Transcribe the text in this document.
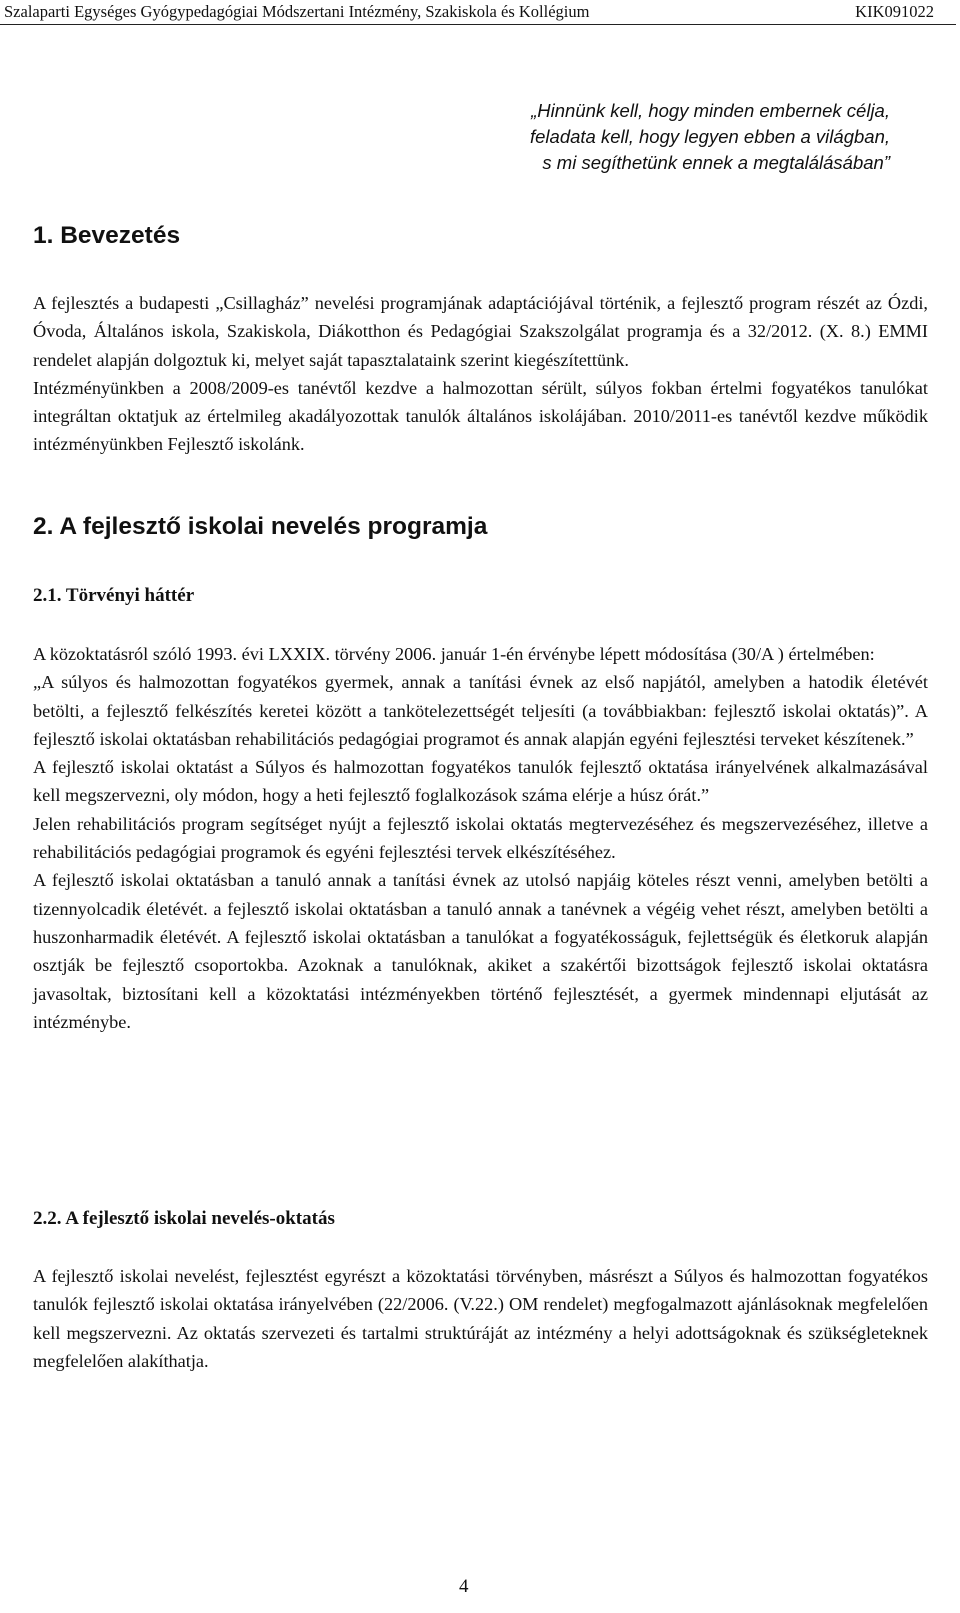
Szalaparti Egységes Gyógypedagógiai Módszertani Intézmény, Szakiskola és Kollégium	KIK091022
„Hinnünk kell, hogy minden embernek célja,
feladata kell, hogy legyen ebben a világban,
s mi segíthetünk ennek a megtalálásában”
1. Bevezetés

A fejlesztés a budapesti „Csillagház” nevelési programjának adaptációjával történik, a fejlesztő program részét az Ózdi, Óvoda, Általános iskola, Szakiskola, Diákotthon és Pedagógiai Szakszolgálat programja és a 32/2012. (X. 8.) EMMI rendelet alapján dolgoztuk ki, melyet saját tapasztalataink szerint kiegészítettünk.

Intézményünkben a 2008/2009-es tanévtől kezdve a halmozottan sérült, súlyos fokban értelmi fogyatékos tanulókat integráltan oktatjuk az értelmileg akadályozottak tanulók általános iskolájában. 2010/2011-es tanévtől kezdve működik intézményünkben Fejlesztő iskolánk.

2. A fejlesztő iskolai nevelés programja
2.1. Törvényi háttér

A közoktatásról szóló 1993. évi LXXIX. törvény 2006. január 1-én érvénybe lépett módosítása (30/A ) értelmében:

„A súlyos és halmozottan fogyatékos gyermek, annak a tanítási évnek az első napjától, amelyben a hatodik életévét betölti, a fejlesztő felkészítés keretei között a tankötelezettségét teljesíti (a továbbiakban: fejlesztő iskolai oktatás)”. A fejlesztő iskolai oktatásban rehabilitációs pedagógiai programot és annak alapján egyéni fejlesztési terveket készítenek.”

A fejlesztő iskolai oktatást a Súlyos és halmozottan fogyatékos tanulók fejlesztő oktatása irányelvének alkalmazásával kell megszervezni, oly módon, hogy a heti fejlesztő foglalkozások száma elérje a húsz órát.”

Jelen rehabilitációs program segítséget nyújt a fejlesztő iskolai oktatás megtervezéséhez és megszervezéséhez, illetve a rehabilitációs pedagógiai programok és egyéni fejlesztési tervek elkészítéséhez.

A fejlesztő iskolai oktatásban a tanuló annak a tanítási évnek az utolsó napjáig köteles részt venni, amelyben betölti a tizennyolcadik életévét. a fejlesztő iskolai oktatásban a tanuló annak a tanévnek a végéig vehet részt, amelyben betölti a huszonharmadik életévét. A fejlesztő iskolai oktatásban a tanulókat a fogyatékosságuk, fejlettségük és életkoruk alapján osztják be fejlesztő csoportokba. Azoknak a tanulóknak, akiket a szakértői bizottságok fejlesztő iskolai oktatásra javasoltak, biztosítani kell a közoktatási intézményekben történő fejlesztését, a gyermek mindennapi eljutását az intézménybe.

2.2. A fejlesztő iskolai nevelés-oktatás

A fejlesztő iskolai nevelést, fejlesztést egyrészt a közoktatási törvényben, másrészt a Súlyos és halmozottan fogyatékos tanulók fejlesztő iskolai oktatása irányelvében (22/2006. (V.22.) OM rendelet) megfogalmazott ajánlásoknak megfelelően kell megszervezni. Az oktatás szervezeti és tartalmi struktúráját az intézmény a helyi adottságoknak és szükségleteknek megfelelően alakíthatja.

4
